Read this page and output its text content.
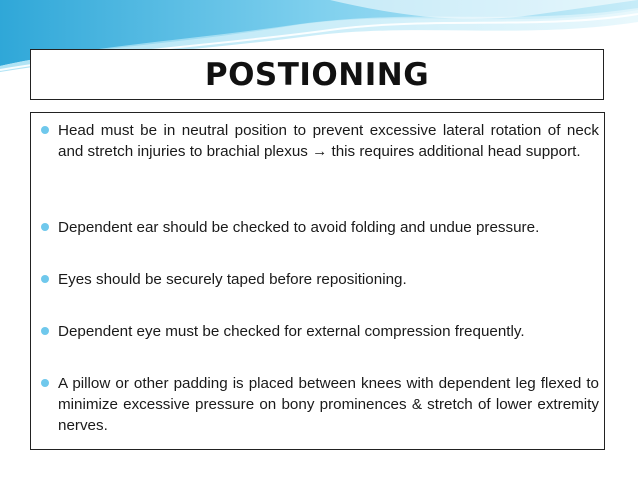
POSTIONING
Head must be in neutral position to prevent excessive lateral rotation of neck and stretch injuries to brachial plexus → this requires additional head support.
Dependent ear should be checked to avoid folding and undue pressure.
Eyes should be securely taped before repositioning.
Dependent eye must be checked for external compression frequently.
A pillow or other padding is placed between knees with dependent leg flexed to minimize excessive pressure on bony prominences & stretch of lower extremity nerves.
